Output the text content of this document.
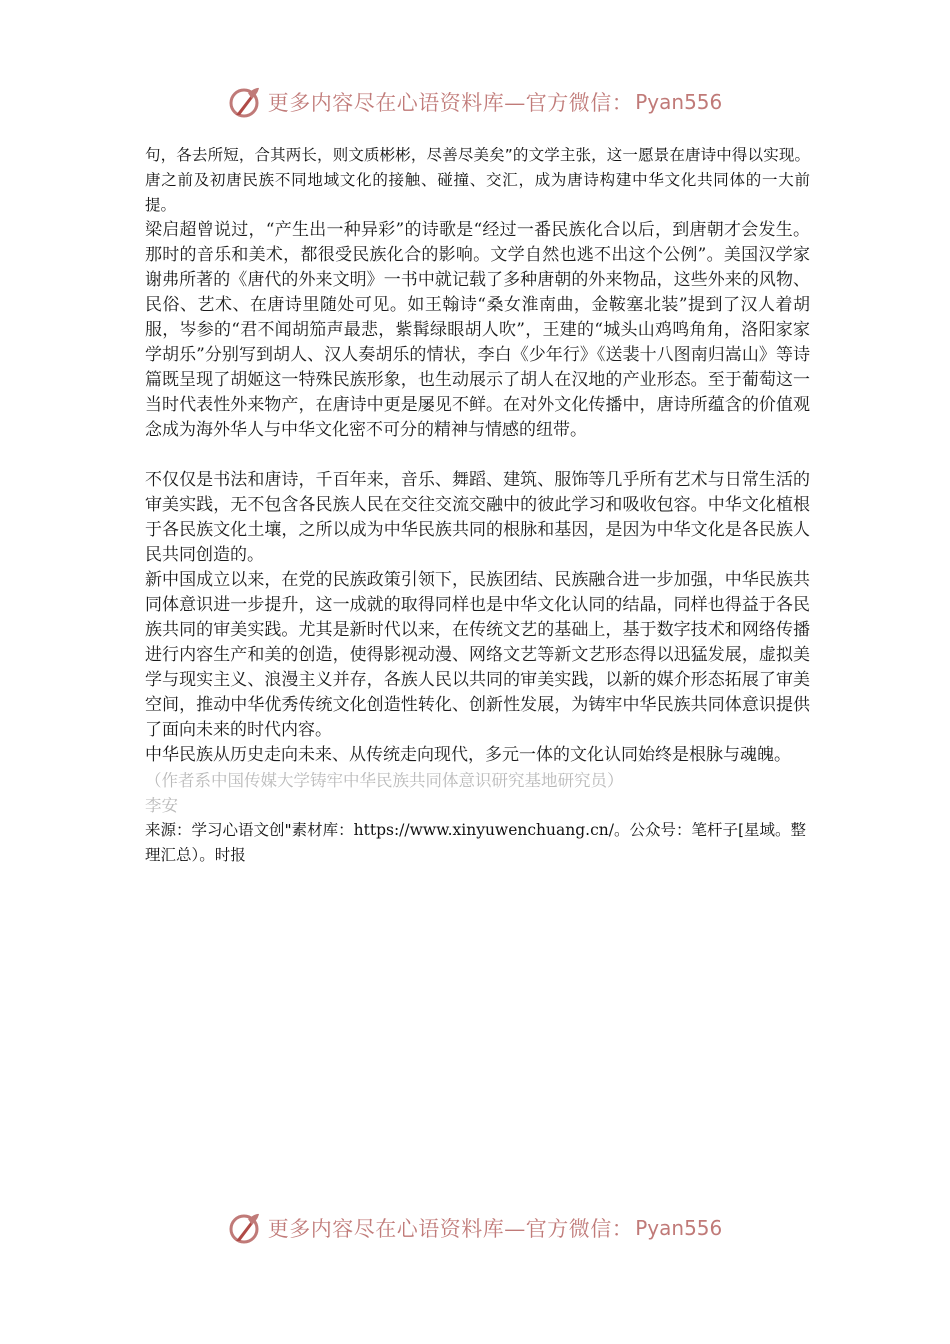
更多内容尽在心语资料库—官方微信： Pyan556

句，各去所短，合其两长，则文质彬彬，尽善尽美矣”的文学主张，这一愿景在唐诗中得以实现。唐之前及初唐民族不同地域文化的接触、碰撞、交汇，成为唐诗构建中华文化共同体的一大前提。

梁启超曾说过，“产生出一种异彩”的诗歌是“经过一番民族化合以后，到唐朝才会发生。那时的音乐和美术，都很受民族化合的影响。文学自然也逃不出这个公例”。美国汉学家谢弗所著的《唐代的外来文明》一书中就记载了多种唐朝的外来物品，这些外来的风物、民俗、艺术、在唐诗里随处可见。如王翰诗“桑女淮南曲，金鞍塞北装”提到了汉人着胡服，岑参的“君不闻胡笳声最悲，紫髯绿眼胡人吹”，王建的“城头山鸡鸣角角，洛阳家家学胡乐”分别写到胡人、汉人奏胡乐的情状，李白《少年行》《送裴十八图南归嵩山》等诗篇既呈现了胡姬这一特殊民族形象，也生动展示了胡人在汉地的产业形态。至于葡萄这一当时代表性外来物产，在唐诗中更是屡见不鲜。在对外文化传播中，唐诗所蕴含的价值观念成为海外华人与中华文化密不可分的精神与情感的纽带。

不仅仅是书法和唐诗，千百年来，音乐、舞蹈、建筑、服饰等几乎所有艺术与日常生活的审美实践，无不包含各民族人民在交往交流交融中的彼此学习和吸收包容。中华文化植根于各民族文化土壤，之所以成为中华民族共同的根脉和基因，是因为中华文化是各民族人民共同创造的。

新中国成立以来，在党的民族政策引领下，民族团结、民族融合进一步加强，中华民族共同体意识进一步提升，这一成就的取得同样也是中华文化认同的结晶，同样也得益于各民族共同的审美实践。尤其是新时代以来，在传统文艺的基础上，基于数字技术和网络传播进行内容生产和美的创造，使得影视动漫、网络文艺等新文艺形态得以迅猛发展，虚拟美学与现实主义、浪漫主义并存，各族人民以共同的审美实践，以新的媒介形态拓展了审美空间，推动中华优秀传统文化创造性转化、创新性发展，为铸牢中华民族共同体意识提供了面向未来的时代内容。

中华民族从历史走向未来、从传统走向现代，多元一体的文化认同始终是根脉与魂魄。

（作者系中国传媒大学铸牢中华民族共同体意识研究基地研究员）

李安

来源：学习心语文创"素材库：https://www.xinyuwenchuang.cn/。公众号：笔杆子[星域。整理汇总）。时报

更多内容尽在心语资料库—官方微信： Pyan556
